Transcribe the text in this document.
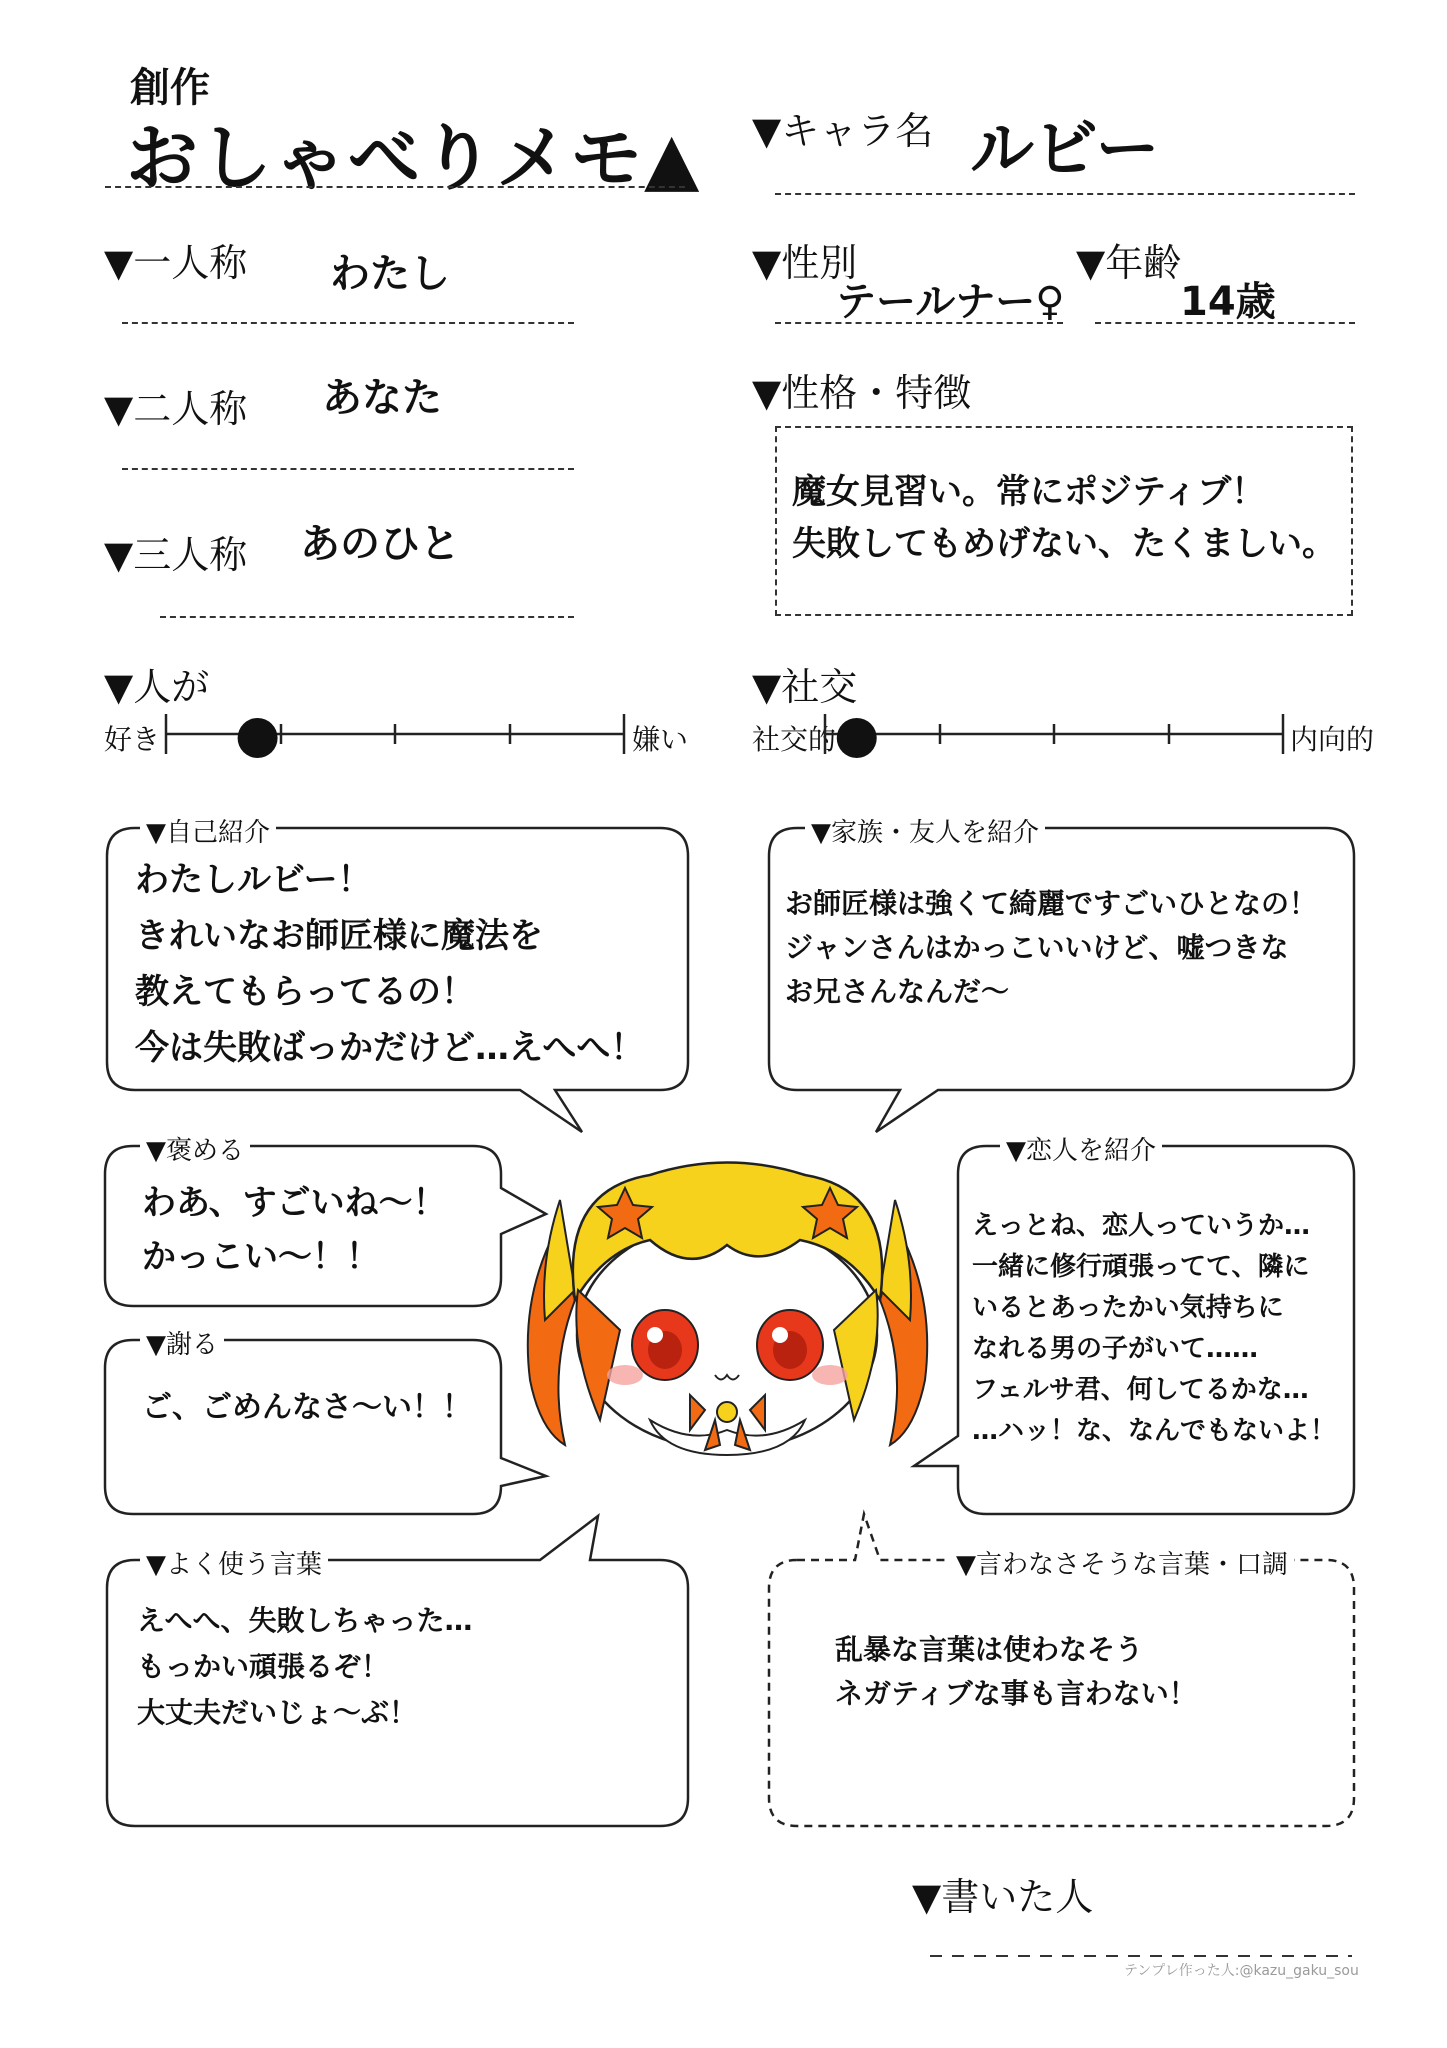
創作
おしゃべりメモ▲ ▼キャラ名 ルビー
▼一人称 わたし
▼二人称 あなた
▼三人称 あのひと
▼性別
テールナー♀
▼年齢
14歳
▼性格・特徴
魔女見習い。常にポジティブ！
失敗してもめげない、たくましい。
▼人が
好き	嫌い
▼社交
社交的	内向的
▼自己紹介	▼家族・友人を紹介
▼褒める
▼謝る
▼恋人を紹介
▼よく使う言葉	▼言わなさそうな言葉・口調
わたしルビー！
きれいなお師匠様に魔法を
教えてもらってるの！
今は失敗ばっかだけど…えへへ！
お師匠様は強くて綺麗ですごいひとなの！
ジャンさんはかっこいいけど、嘘つきな
お兄さんなんだ〜
わあ、すごいね〜！
かっこい〜！！
ご、ごめんなさ〜い！！
えっとね、恋人っていうか…
一緒に修行頑張ってて、隣に
いるとあったかい気持ちに
なれる男の子がいて……
フェルサ君、何してるかな…
…ハッ！な、なんでもないよ！
えへへ、失敗しちゃった…
もっかい頑張るぞ！
大丈夫だいじょ〜ぶ！
乱暴な言葉は使わなそう
ネガティブな事も言わない！
▼書いた人
テンプレ作った人:@kazu_gaku_sou
